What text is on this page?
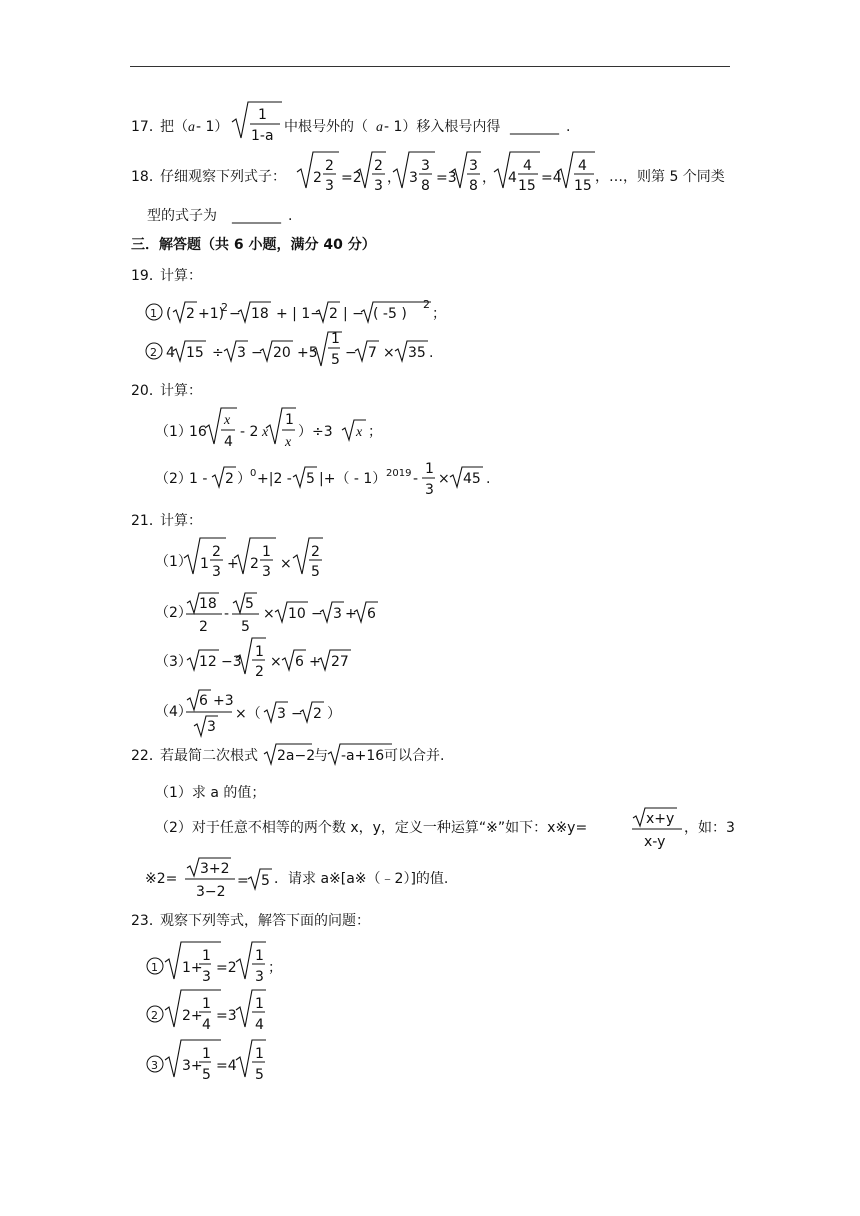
17．
把（ a - 1）
1
1-a
中根号外的（ a - 1）移入根号内得 _______ .
18．
仔细观察下列式子： 2
2
3 =2
2
3 ， 3
3
8 =3
3
8 ， 4
4
15 =4
4
15
，…，则第 5 个同类
型的式子为 _______ .
三．解答题（共 6 小题，满分 40 分）
19．
计算：
1 ( 2 +1)
2 − 18 + | 1− 2 | − ( -5 )
2
；
2 4 15 ÷ 3 − 20 +5
1
5 − 7 × 35 .
20．
计算：
（1）
16
x
4
- 2 x
1
x
）÷3 x ；
（2）
1 - 2 ） 0 +|2 - 5 |+（ - 1） 2019 -
1
3
× 45 .
21．
计算：
（1） 1
2
3 + 2
1
3 ×
2
5
（2）
18
2
-
5
5
× 10 − 3 + 6
（3） 12 −3
1
2
× 6 + 27
（4）
6 +3
3
×（ 3 − 2 ）
22．
若最简二次根式 2a−2
与 -a+16 可以合并.
（1）求 a 的值；
（2）对于任意不相等的两个数 x，y，定义一种运算“※”如下：x※y=
x+y
x-y
，如：3
※2=
3+2
3−2
= 5 ．请求 a※[a※（﹣2）]的值.
23．
观察下列等式，解答下面的问题：
1 1+
1
3
=2
1
3
；
2 2+
1
4
=3
1
4
3 3+
1
5
=4
1
5
